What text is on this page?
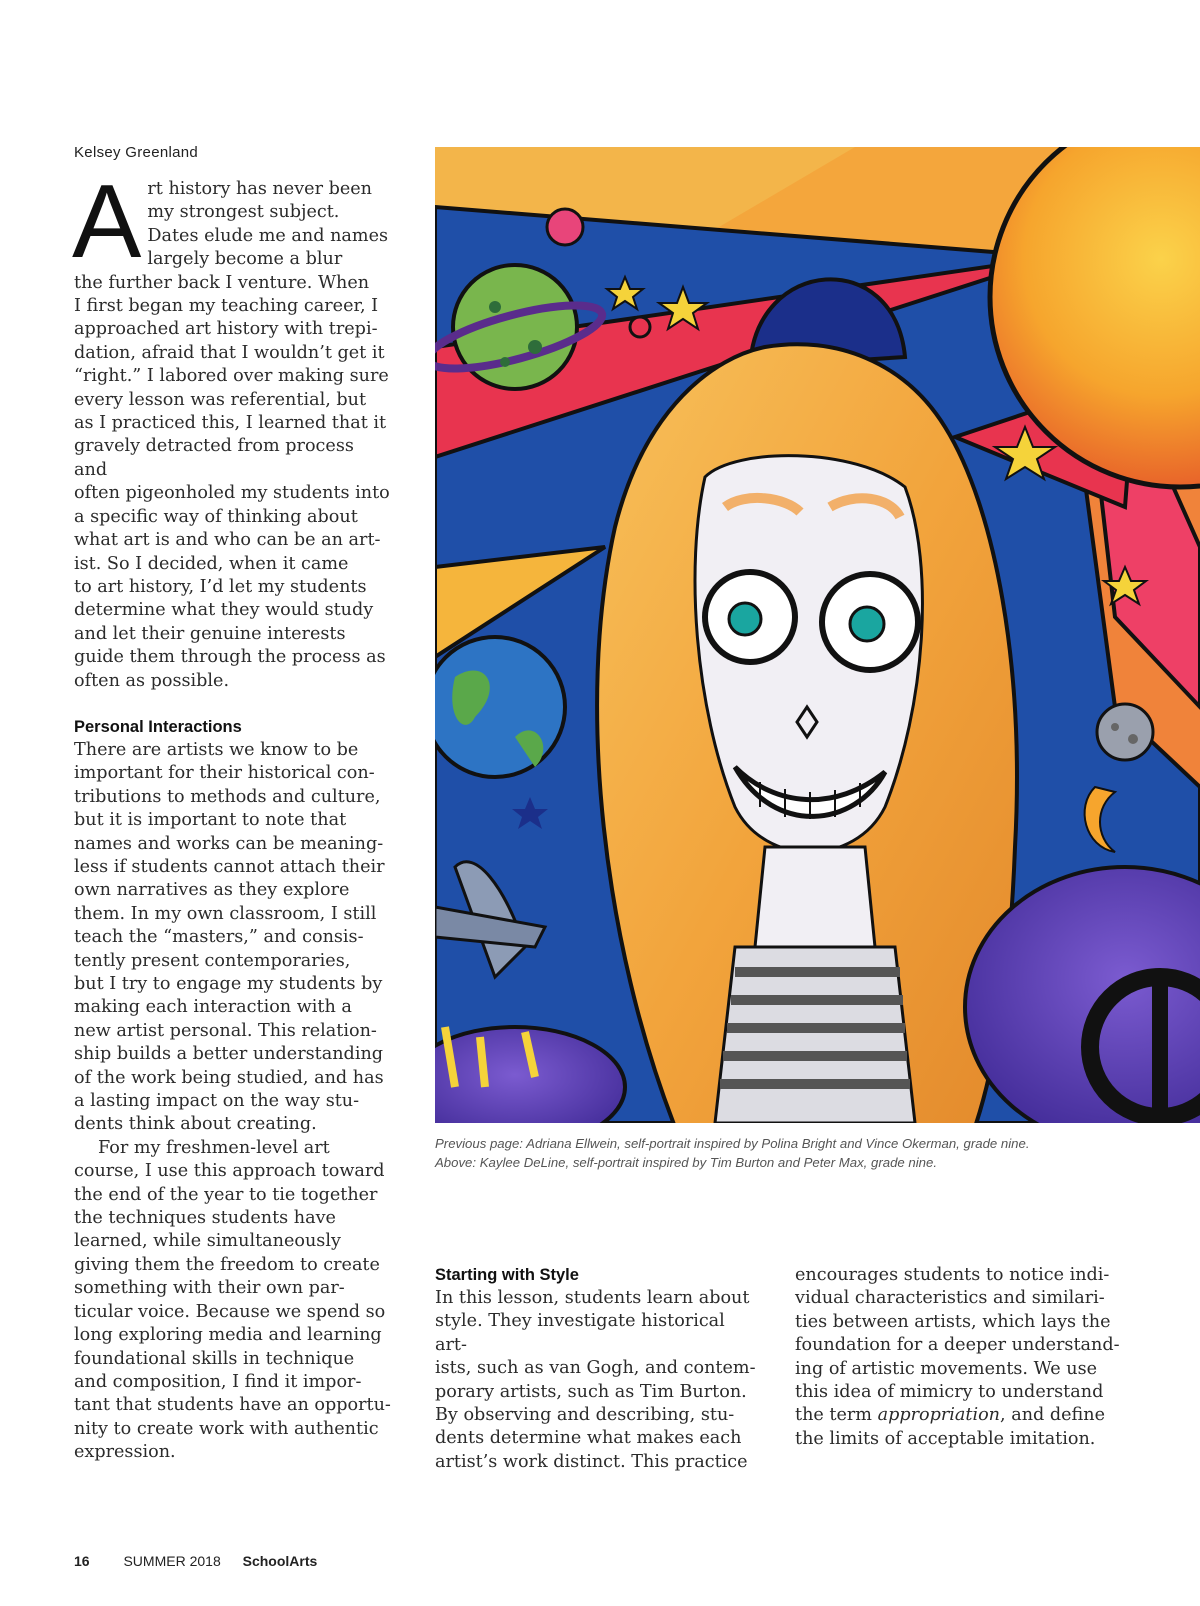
Kelsey Greenland
A rt history has never been
my strongest subject.
Dates elude me and names
largely become a blur
the further back I venture. When
I first began my teaching career, I
approached art history with trepi-
dation, afraid that I wouldn’t get it
“right.” I labored over making sure
every lesson was referential, but
as I practiced this, I learned that it
gravely detracted from process and
often pigeonholed my students into
a specific way of thinking about
what art is and who can be an art-
ist. So I decided, when it came
to art history, I’d let my students
determine what they would study
and let their genuine interests
guide them through the process as
often as possible.

Personal Interactions

There are artists we know to be
important for their historical con-
tributions to methods and culture,
but it is important to note that
names and works can be meaning-
less if students cannot attach their
own narratives as they explore
them. In my own classroom, I still
teach the “masters,” and consis-
tently present contemporaries,
but I try to engage my students by
making each interaction with a
new artist personal. This relation-
ship builds a better understanding
of the work being studied, and has
a lasting impact on the way stu-
dents think about creating.

For my freshmen-level art
course, I use this approach toward
the end of the year to tie together
the techniques students have
learned, while simultaneously
giving them the freedom to create
something with their own par-
ticular voice. Because we spend so
long exploring media and learning
foundational skills in technique
and composition, I find it impor-
tant that students have an opportu-
nity to create work with authentic
expression.

Previous page: Adriana Ellwein, self-portrait inspired by Polina Bright and Vince Okerman, grade nine.
Above: Kaylee DeLine, self-portrait inspired by Tim Burton and Peter Max, grade nine.
Starting with Style

In this lesson, students learn about
style. They investigate historical art-
ists, such as van Gogh, and contem-
porary artists, such as Tim Burton.
By observing and describing, stu-
dents determine what makes each
artist’s work distinct. This practice

encourages students to notice indi-
vidual characteristics and similari-
ties between artists, which lays the
foundation for a deeper understand-
ing of artistic movements. We use
this idea of mimicry to understand
the term appropriation, and define
the limits of acceptable imitation.

16 SUMMER 2018 SchoolArts
